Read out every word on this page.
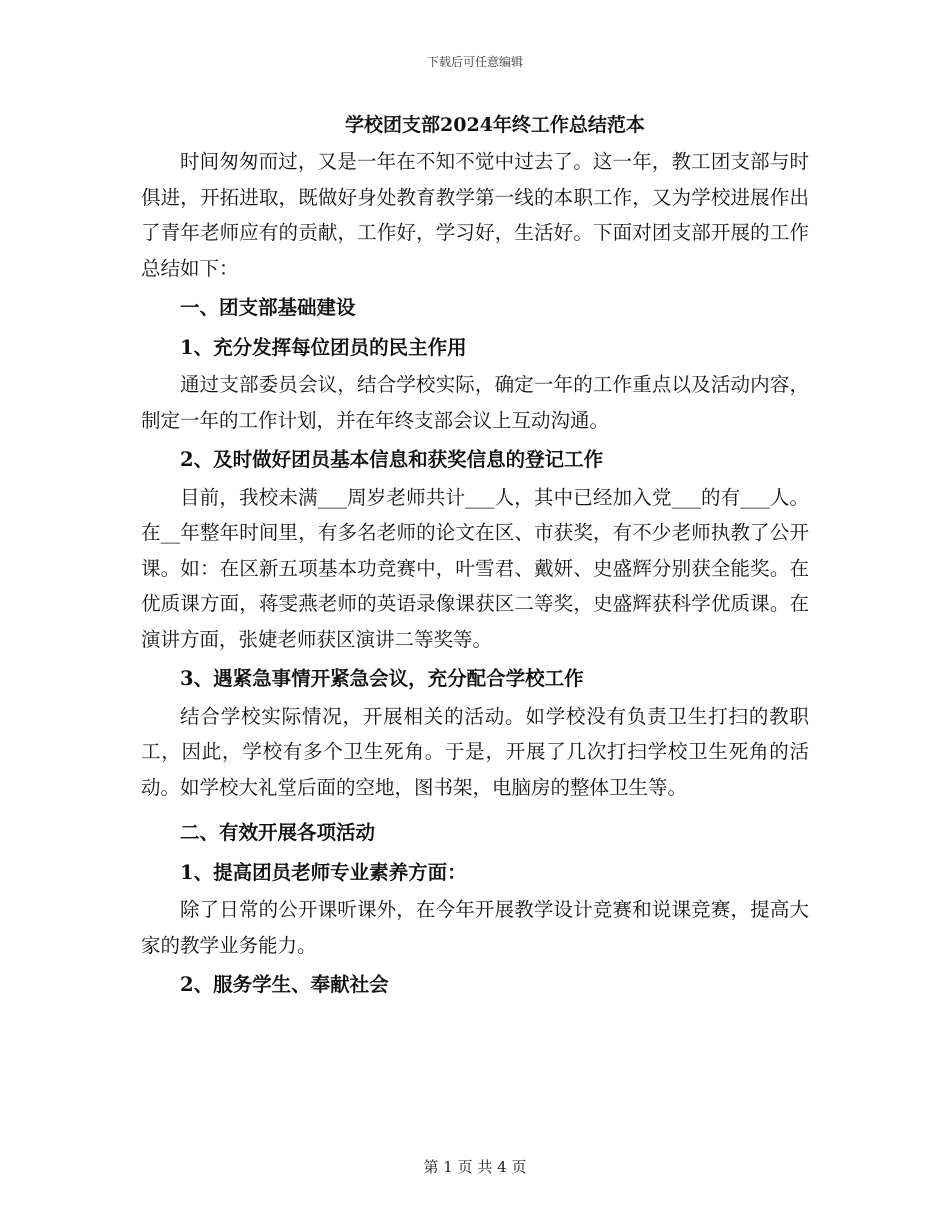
下载后可任意编辑
学校团支部2024年终工作总结范本

时间匆匆而过，又是一年在不知不觉中过去了。这一年，教工团支部与时俱进，开拓进取，既做好身处教育教学第一线的本职工作，又为学校进展作出了青年老师应有的贡献，工作好，学习好，生活好。下面对团支部开展的工作总结如下：

一、团支部基础建设
1、充分发挥每位团员的民主作用

通过支部委员会议，结合学校实际，确定一年的工作重点以及活动内容，制定一年的工作计划，并在年终支部会议上互动沟通。

2、及时做好团员基本信息和获奖信息的登记工作

目前，我校未满___周岁老师共计___人，其中已经加入党___的有___人。在__年整年时间里，有多名老师的论文在区、市获奖，有不少老师执教了公开课。如：在区新五项基本功竞赛中，叶雪君、戴妍、史盛辉分别获全能奖。在优质课方面，蒋雯燕老师的英语录像课获区二等奖，史盛辉获科学优质课。在演讲方面，张婕老师获区演讲二等奖等。

3、遇紧急事情开紧急会议，充分配合学校工作

结合学校实际情况，开展相关的活动。如学校没有负责卫生打扫的教职工，因此，学校有多个卫生死角。于是，开展了几次打扫学校卫生死角的活动。如学校大礼堂后面的空地，图书架，电脑房的整体卫生等。

二、有效开展各项活动
1、提高团员老师专业素养方面：

除了日常的公开课听课外，在今年开展教学设计竞赛和说课竞赛，提高大家的教学业务能力。

2、服务学生、奉献社会
第 1 页 共 4 页
